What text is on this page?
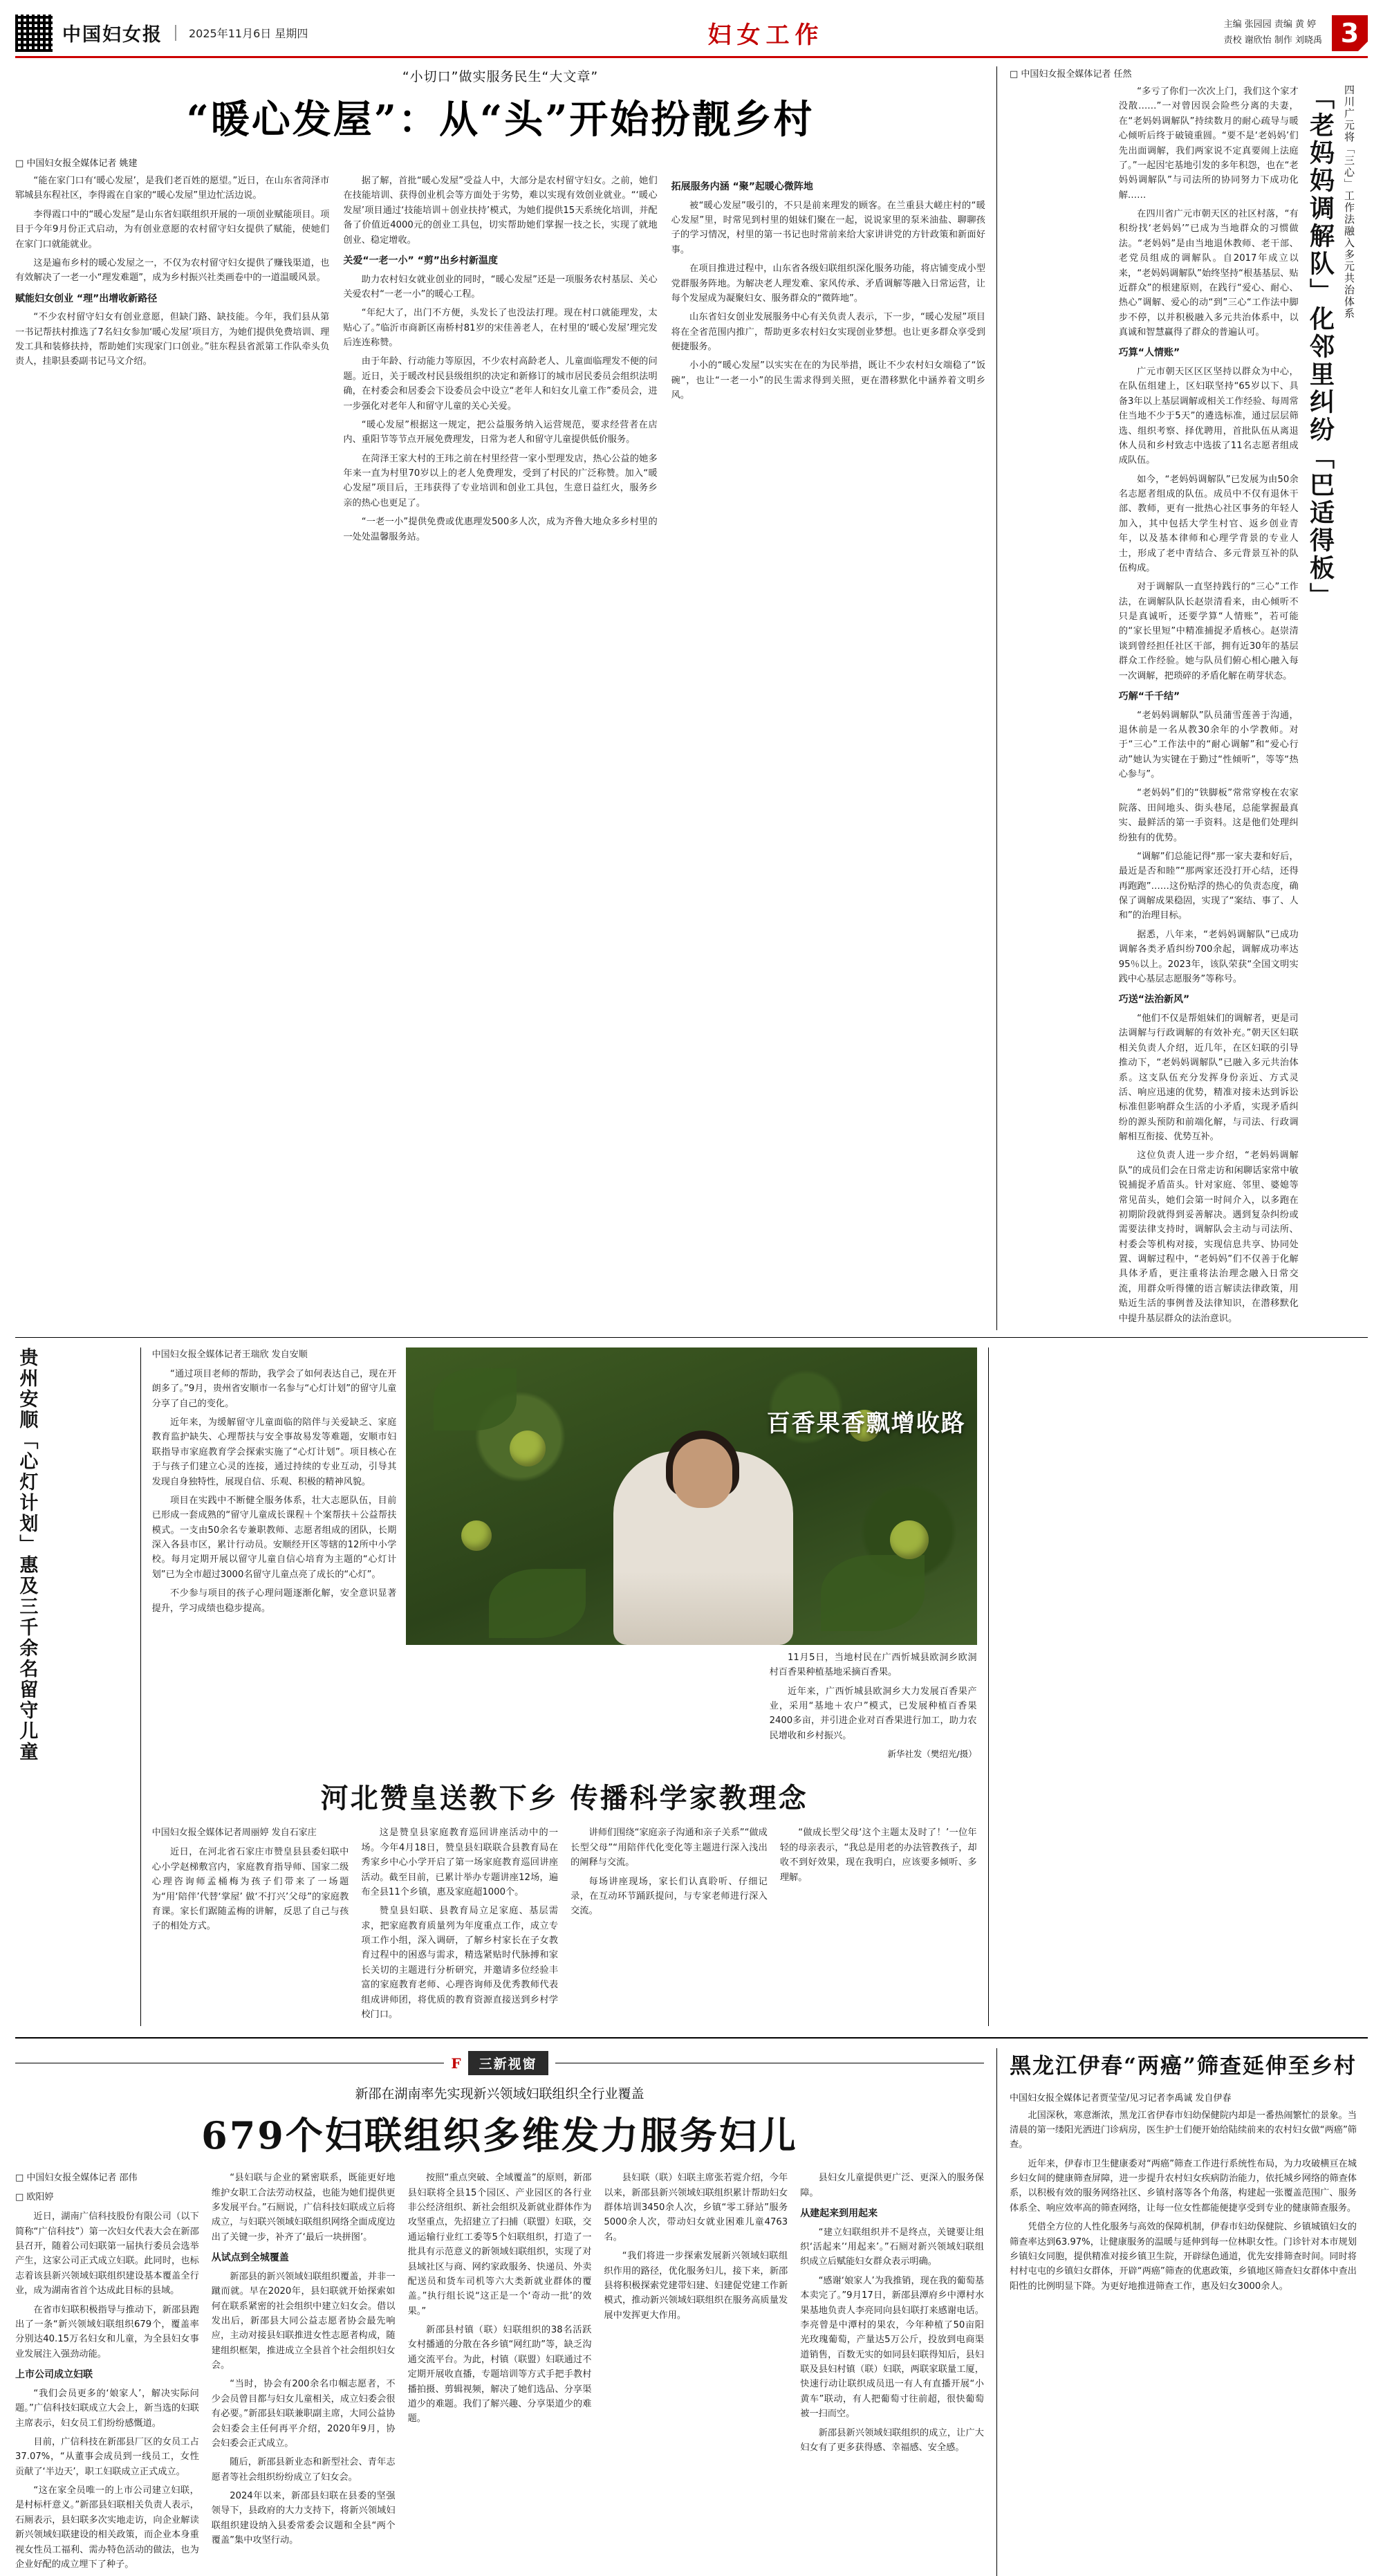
中国妇女报	2025年11月6日 星期四	妇女工作	主编 张园园 责编 黄 婷
责校 谢欣怡 制作 刘晓禹 3
“小切口”做实服务民生“大文章”
“暖心发屋”：从“头”开始扮靓乡村
□ 中国妇女报全媒体记者 姚建

“能在家门口有‘暖心发屋’，是我们老百姓的愿望。”近日，在山东省菏泽市郓城县东程社区，李得霞在自家的“暖心发屋”里边忙活边说。

李得霞口中的“暖心发屋”是山东省妇联组织开展的一项创业赋能项目。项目于今年9月份正式启动，为有创业意愿的农村留守妇女提供了赋能，使她们在家门口就能就业。

这是遍布乡村的暖心发屋之一，不仅为农村留守妇女提供了赚钱渠道，也有效解决了一老一小“理发难题”，成为乡村振兴社类画卷中的一道温暖风景。

赋能妇女创业 “理”出增收新路径

“不少农村留守妇女有创业意愿，但缺门路、缺技能。今年，我们县从第一书记帮扶村推选了7名妇女参加‘暖心发屋’项目方，为她们提供免费培训、理发工具和装修扶持，帮助她们实现家门口创业。”驻东程县省派第工作队牵头负责人，挂职县委副书记马文介绍。

据了解，首批“暖心发屋”受益人中，大部分是农村留守妇女。之前，她们在技能培训、获得创业机会等方面处于劣势，难以实现有效创业就业。“‘暖心发屋’项目通过‘技能培训＋创业扶持’模式，为她们提供15天系统化培训，并配备了价值近4000元的创业工具包，切实帮助她们掌握一技之长，实现了就地创业、稳定增收。

关爱“一老一小” “剪”出乡村新温度

助力农村妇女就业创业的同时，“暖心发屋”还是一项服务农村基层、关心关爱农村“一老一小”的暖心工程。

“年纪大了，出门不方便，头发长了也没法打理。现在村口就能理发，太贴心了。”临沂市商新区南桥村81岁的宋佳善老人，在村里的‘暖心发屋’理完发后连连称赞。

由于年龄、行动能力等原因，不少农村高龄老人、儿童面临理发不便的问题。近日，关于暖改村民县级组织的决定和新修订的城市居民委员会组织法明确，在村委会和居委会下设委员会中设立“老年人和妇女儿童工作”委员会，进一步强化对老年人和留守儿童的关心关爱。

“暖心发屋”根据这一规定，把公益服务纳入运营规范，要求经营者在店内、重阳节等节点开展免费理发，日常为老人和留守儿童提供低价服务。

在菏泽王家大村的王玮之前在村里经营一家小型理发店，热心公益的她多年来一直为村里70岁以上的老人免费理发，受到了村民的广泛称赞。加入“暖心发屋”项目后，王玮获得了专业培训和创业工具包，生意日益红火，服务乡亲的热心也更足了。

“一老一小”提供免费或优惠理发500多人次，成为齐鲁大地众多乡村里的一处处温馨服务站。

拓展服务内涵 “聚”起暖心微阵地

被“暖心发屋”吸引的，不只是前来理发的顾客。在兰重县大嵯庄村的“暖心发屋”里，时常见到村里的姐妹们聚在一起，说说家里的泵米油盐、聊聊孩子的学习情况，村里的第一书记也时常前来给大家讲讲党的方针政策和新面好事。

在项目推进过程中，山东省各级妇联组织深化服务功能，将店铺变成小型党群服务阵地。为解决老人理发难、家风传承、矛盾调解等融入日常运营，让每个发屋成为凝聚妇女、服务群众的“微阵地”。

山东省妇女创业发展服务中心有关负责人表示，下一步，“暖心发屋”项目将在全省范围内推广，帮助更多农村妇女实现创业梦想。也让更多群众享受到便捷服务。

小小的“暖心发屋”以实实在在的为民举措，既让不少农村妇女端稳了“饭碗”，也让“一老一小”的民生需求得到关照，更在潜移默化中涵养着文明乡风。

□ 中国妇女报全媒体记者 任然
四川广元将「三心」工作法融入多元共治体系
「老妈妈调解队」化邻里纠纷「巴适得板」

“多亏了你们一次次上门，我们这个家才没散……”一对曾因误会险些分离的夫妻，在“老妈妈调解队”持续数月的耐心疏导与暖心倾听后终于破镜重圆。“要不是‘老妈妈’们先出面调解，我们两家说不定真要闹上法庭了。”一起因宅基地引发的多年积怨，也在“老妈妈调解队”与司法所的协同努力下成功化解……

在四川省广元市朝天区的社区村落，“有积纷找‘老妈妈’”已成为当地群众的习惯做法。“老妈妈”是由当地退休教师、老干部、老党员组成的调解队。自2017年成立以来，“老妈妈调解队”始终坚持“根基基层、贴近群众”的根建原则，在践行“爱心、耐心、热心”调解、爱心的动“到”三心“工作法中脚步不停，以并积极融入多元共治体系中，以真诚和智慧赢得了群众的普遍认可。

巧算“人情账”

广元市朝天区区区坚持以群众为中心，在队伍组建上，区妇联坚持“65岁以下、具备3年以上基层调解或相关工作经验、每周常住当地不少于5天”的遴选标准，通过层层筛选、组织考察、择优聘用，首批队伍从离退休人员和乡村致志中选拔了11名志愿者组成成队伍。

如今，“老妈妈调解队”已发展为由50余名志愿者组成的队伍。成员中不仅有退休干部、教师，更有一批热心社区事务的年轻人加入，其中包括大学生村官、返乡创业青年，以及基本律师和心理学背景的专业人士，形成了老中青结合、多元背景互补的队伍构成。

对于调解队一直坚持践行的“三心”工作法，在调解队队长赵崇清看来，由心倾听不只是真诚听，还要学算“人情账”，若可能的“家长里短”中精准捕捉矛盾核心。赵崇清谈到曾经担任社区干部，拥有近30年的基层群众工作经验。她与队员们俯心相心融入每一次调解，把琐碎的矛盾化解在萌芽状态。

巧解“千千结”

“老妈妈调解队”队员蒲雪莲善于沟通，退休前是一名从教30余年的小学教师。对于“三心”工作法中的“耐心调解”和“爱心行动”她认为实键在于勤过“性倾听”，等等“热心参与”。

“老妈妈”们的“铁脚板”常常穿梭在农家院落、田间地头、街头巷尾，总能掌握最真实、最鲜活的第一手资料。这是他们处理纠纷独有的优势。

“调解”们总能记得“那一家夫妻和好后，最近是否和睦”“那两家还没打开心结，还得再跑跑”……这份贴浮的热心的负责态度，确保了调解成果稳固，实现了“案结、事了、人和”的治理目标。

据悉，八年来，“老妈妈调解队”已成功调解各类矛盾纠纷700余起，调解成功率达95％以上。2023年，该队荣获“全国文明实践中心基层志愿服务”等称号。

巧送“法治新风”

“他们不仅是帮姐妹们的调解者，更是司法调解与行政调解的有效补充。”朝天区妇联相关负责人介绍，近几年，在区妇联的引导推动下，“老妈妈调解队”已融入多元共治体系。这支队伍充分发挥身份亲近、方式灵活、响应迅速的优势，精准对接未达到诉讼标准但影响群众生活的小矛盾，实现矛盾纠纷的源头预防和前端化解，与司法、行政调解相互衔接、优势互补。

这位负责人进一步介绍，“老妈妈调解队”的成员们会在日常走访和闲聊话家常中敏锐捕捉矛盾苗头。针对家庭、邻里、婆媳等常见苗头，她们会第一时间介入，以多跑在初期阶段就得到妥善解决。遇到复杂纠纷或需要法律支持时，调解队会主动与司法所、村委会等机构对接，实现信息共享、协同处置、调解过程中，“老妈妈”们不仅善于化解具体矛盾，更注重将法治理念融入日常交流，用群众听得懂的语言解读法律政策，用贴近生活的事例普及法律知识，在潜移默化中提升基层群众的法治意识。

贵州安顺「心灯计划」惠及三千余名留守儿童	中国妇女报全媒体记者王瑞欣 发自安顺

“通过项目老师的帮助，我学会了如何表达自己，现在开朗多了。”9月，贵州省安顺市一名参与“心灯计划”的留守儿童分享了自己的变化。

近年来，为缓解留守儿童面临的陪伴与关爱缺乏、家庭教育监护缺失、心理帮扶与安全事故易发等难题，安顺市妇联指导市家庭教育学会探索实施了“心灯计划”。项目核心在于与孩子们建立心灵的连接，通过持续的专业互动，引导其发现自身独特性，展现自信、乐观、积极的精神风貌。

项目在实践中不断健全服务体系，壮大志愿队伍，目前已形成一套成熟的“留守儿童成长课程＋个案帮扶＋公益帮扶模式。一支由50余名专兼职教师、志愿者组成的团队，长期深入各县市区，累计行动员。安顺经开区等辖的12所中小学校。每月定期开展以留守儿童自信心培育为主题的“心灯计划”已为全市超过3000名留守儿童点亮了成长的“心灯”。

不少参与项目的孩子心理问题逐渐化解，安全意识显著提升，学习成绩也稳步提高。

百香果香飘增收路

11月5日，当地村民在广西忻城县欧洞乡欧洞村百香果种植基地采摘百香果。

近年来，广西忻城县欧洞乡大力发展百香果产业，采用“基地＋农户”模式，已发展种植百香果2400多亩，并引进企业对百香果进行加工，助力农民增收和乡村振兴。

新华社发（樊绍光/摄）
河北赞皇送教下乡 传播科学家教理念
中国妇女报全媒体记者周丽婷 发自石家庄

近日，在河北省石家庄市赞皇县县委妇联中心小学赵梯敷宫内，家庭教育指导师、国家二级心理咨询师孟桶梅为孩子们带来了一场题为“用‘陪伴’代替‘掌屋’ 做‘不打兴’父母”的家庭教育课。家长们踞随孟梅的讲解，反思了自己与孩子的相处方式。

这是赞皇县家庭教育巡回讲座活动中的一场。今年4月18日，赞皇县妇联联合县教育局在秀家乡中心小学开启了第一场家庭教育巡回讲座活动。截至目前，已累计举办专题讲座12场，遍布全县11个乡镇，惠及家庭超1000个。

赞皇县妇联、县教育局立足家庭、基层需求，把家庭教育质量列为年度重点工作，成立专项工作小组，深入调研，了解乡村家长在子女教育过程中的困惑与需求，精选紧贴时代脉搏和家长关切的主题进行分析研究，并邀请多位经验丰富的家庭教育老师、心理咨询师及优秀教师代表组成讲师团，将优质的教育资源直接送到乡村学校门口。

讲师们围绕“家庭亲子沟通和亲子关系”“做成长型父母”“用陪伴代化变化等主题进行深入浅出的阐释与交流。

每场讲座现场，家长们认真聆听、仔细记录，在互动环节踊跃提问，与专家老师进行深入交流。

“做成长型父母‘这个主题太及时了！’一位年轻的母亲表示，“我总是用老的办法管教孩子，却收不到好效果，现在我明白，应该要多倾听、多理解。

F	三新视窗
新邵在湖南率先实现新兴领域妇联组织全行业覆盖
679个妇联组织多维发力服务妇儿
□ 中国妇女报全媒体记者 邵伟
□ 欧阳婷

近日，湖南广信科技股份有限公司（以下简称“广信科技”）第一次妇女代表大会在新邵县召开，随着公司妇联第一届执行委员会选举产生，这家公司正式成立妇联。此同时，也标志着该县新兴领域妇联组织建设基本覆盖全行业，成为湖南省首个达成此目标的县域。

在省市妇联积极指导与推动下，新邵县跑出了一条“新兴领域妇联组织679个，覆盖率分别达40.15万名妇女和儿童，为全县妇女事业发展注入强劲动能。

上市公司成立妇联

“我们会员更多的‘娘家人’，解决实际问题。”广信科技妇联成立大会上，新当选的妇联主席表示，妇女员工们纷纷感慨道。

目前，广信科技在新邵县厂区的女员工占37.07%，“从董事会成员到一线员工，女性贡献了‘半边天’，职工妇联成立正式成立。

“这在家全员唯一的上市公司建立妇联，是村标杆意义。”新邵县妇联相关负责人表示，石厕表示，县妇联多次实地走访，向企业解读新兴领域妇联建设的相关政策，而企业本身重视女性员工福利、需办特色活动的做法，也为企业好配的成立埋下了种子。

“县妇联与企业的紧密联系，既能更好地维护女职工合法劳动权益，也能为她们提供更多发展平台。”石厕说，广信科技妇联成立后将成立，与妇联兴领域妇联组织网络全面成度边出了关键一步，补齐了‘最后一块拼图’。

从试点到全城覆盖

新邵县的新兴领域妇联组织覆盖，并非一蹴而就。早在2020年，县妇联就开始探索如何在联系紧密的社会组织中建立妇女会。借以发出后，新邵县大同公益志愿者协会最先响应，主动对接县妇联推进女性志愿者构成，随建组织框架，推进成立全县首个社会组织妇女会。

“当时，协会有200余名巾帼志愿者，不少会员曾目都与妇女儿童相关，成立妇委会很有必要。”新邵县妇联兼职副主席，大同公益协会妇委会主任何再平介绍，2020年9月，协会妇委会正式成立。

随后，新邵县新业态和新型社会、青年志愿者等社会组织纷纷成立了妇女会。

2024年以来，新邵县妇联在县委的坚强领导下，县政府的大力支持下，将新兴领域妇联组织建设纳入县委常委会议题和全县“两个覆盖”集中攻坚行动。

按照“重点突破、全域覆盖”的原则，新邵县妇联将全县15个园区、产业园区的各行业非公经济组织、新社会组织及新就业群体作为攻坚重点，先招建立了扫捕（联盟）妇联，交通运输行业红工委等5个妇联组织，打造了一批具有示范意义的新领域妇联组织，实现了对县域社区与商、网约家政服务、快递员、外卖配送员和货车司机等六大类新就业群体的覆盖。”执行组长说“这正是一个‘奇动一批’的效果。”

新邵县村镇（联）妇联组织的38名活跃女村播通的分散在各乡镇“网红助”等，缺乏沟通交流平台。为此，村镇（联盟）妇联通过不定期开展收直播，专题培训等方式手把手教村播拍摄、剪辑视频，解决了她们选品、分享渠道少的难题。我们了解兴趣、分享渠道少的难题。

县妇联（联）妇联主席张若霓介绍，今年以来，新邵县新兴领域妇联组织累计帮助妇女群体培训3450余人次，乡镇“零工驿站”服务5000余人次，带动妇女就业困难儿童4763名。

“我们将进一步探索发展新兴领域妇联组织作用的路径，优化服务妇儿，接下来，新邵县将积极探索党建带妇建、妇建促党建工作新模式，推动新兴领域妇联组织在服务高质量发展中发挥更大作用。

县妇女儿童提供更广泛、更深入的服务保障。

从建起来到用起来

“建立妇联组织并不是终点，关键要让组织‘活起来’‘用起来’。”石厕对新兴领域妇联组织成立后赋能妇女群众表示明确。

“感谢‘娘家人’为我推销，现在我的葡萄基本卖完了。”9月17日，新邵县潭府乡中潭村水果基地负责人李亮同向县妇联打来感谢电话。李亮曾是中潭村的果农，今年种植了50亩阳光玫瑰葡萄，产量达5万公斤，投放到电商渠道销售，百数无实的如同县妇联得知后，县妇联及县妇村镇（联）妇联，两联家联量工厦，快速行动让联织成员迅一有人有直播开展“小黄车”联动，有人把葡萄寸往前超，很快葡萄被一扫而空。

新邵县新兴领域妇联组织的成立，让广大妇女有了更多获得感、幸福感、安全感。

黑龙江伊春“两癌”筛查延伸至乡村
中国妇女报全媒体记者贾莹莹/见习记者李禹诚 发自伊春

北国深秋，寒意渐浓，黑龙江省伊春市妇幼保健院内却是一番热闹繁忙的景象。当清晨的第一缕阳光洒进门诊病房，医生护士们便开始给陆续前来的农村妇女做“两癌”筛查。

近年来，伊春市卫生健康委对“两癌”筛查工作进行系统性布局，为力攻破横亘在城乡妇女间的健康筛查屏障，进一步提升农村妇女疾病防治能力，依托城乡网络的筛查体系，以积极有效的服务网络社区、乡镇村落等各个角落，构建起一张覆盖范围广、服务体系全、响应效率高的筛查网络，让每一位女性都能便捷享受到专业的健康筛查服务。

凭借全方位的人性化服务与高效的保障机制，伊春市妇幼保健院、乡镇城镇妇女的筛查率达到63.97%，让健康服务的温暖与延伸到每一位林职女性。门诊针对本市规划乡镇妇女同胞，提供精准对接乡镇卫生院，开辟绿色通道，优先安排筛查时间。同时将村村屯屯的乡镇妇女群体，开辟“两癌”筛查的优惠政策，乡镇地区筛查妇女群体中查出阳性的比例明显下降。为更好地推进筛查工作，惠及妇女3000余人。
